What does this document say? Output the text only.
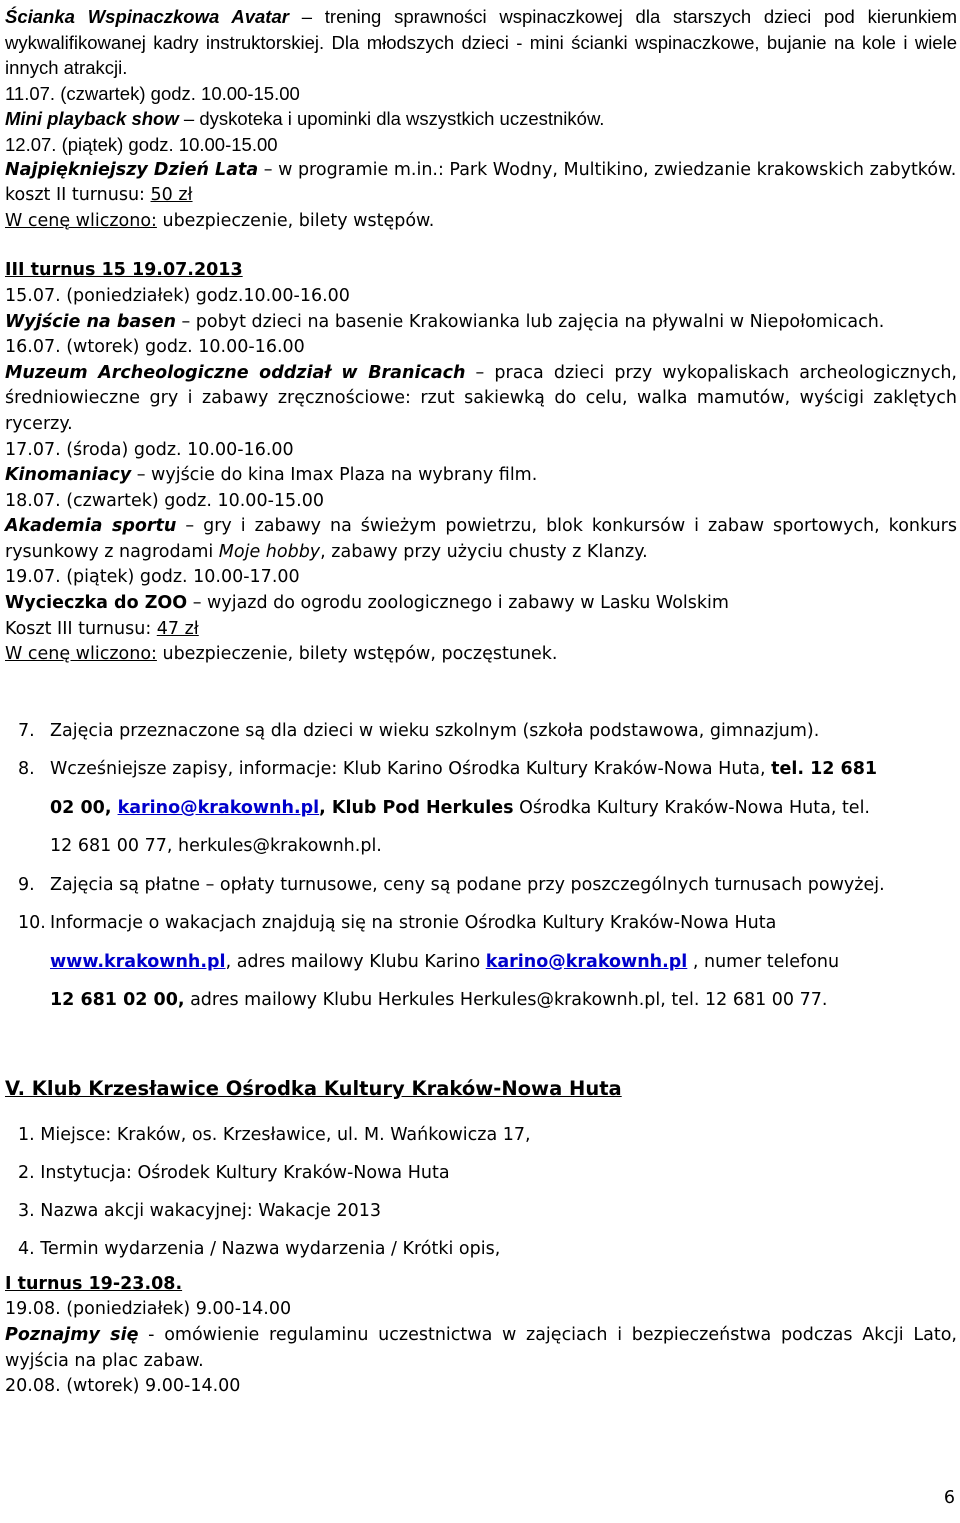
Ścianka Wspinaczkowa Avatar – trening sprawności wspinaczkowej dla starszych dzieci pod kierunkiem wykwalifikowanej kadry instruktorskiej. Dla młodszych dzieci - mini ścianki wspinaczkowe, bujanie na kole i wiele innych atrakcji.
11.07. (czwartek) godz. 10.00-15.00
Mini playback show – dyskoteka i upominki dla wszystkich uczestników.
12.07. (piątek) godz. 10.00-15.00
Najpiękniejszy Dzień Lata – w programie m.in.: Park Wodny, Multikino, zwiedzanie krakowskich zabytków.
koszt II turnusu: 50 zł
W cenę wliczono: ubezpieczenie, bilety wstępów.
III turnus 15 19.07.2013
15.07. (poniedziałek) godz.10.00-16.00
Wyjście na basen – pobyt dzieci na basenie Krakowianka lub zajęcia na pływalni w Niepołomicach.
16.07. (wtorek) godz. 10.00-16.00
Muzeum Archeologiczne oddział w Branicach – praca dzieci przy wykopaliskach archeologicznych, średniowieczne gry i zabawy zręcznościowe: rzut sakiewką do celu, walka mamutów, wyścigi zaklętych rycerzy.
17.07. (środa) godz. 10.00-16.00
Kinomaniacy – wyjście do kina Imax Plaza na wybrany film.
18.07. (czwartek) godz. 10.00-15.00
Akademia sportu – gry i zabawy na świeżym powietrzu, blok konkursów i zabaw sportowych, konkurs rysunkowy z nagrodami Moje hobby, zabawy przy użyciu chusty z Klanzy.
19.07. (piątek) godz. 10.00-17.00
Wycieczka do ZOO – wyjazd do ogrodu zoologicznego i zabawy w Lasku Wolskim
Koszt III turnusu: 47 zł
W cenę wliczono: ubezpieczenie, bilety wstępów, poczęstunek.
7. Zajęcia przeznaczone są dla dzieci w wieku szkolnym (szkoła podstawowa, gimnazjum).
8. Wcześniejsze zapisy, informacje: Klub Karino Ośrodka Kultury Kraków-Nowa Huta, tel. 12 681
02 00, karino@krakownh.pl, Klub Pod Herkules Ośrodka Kultury Kraków-Nowa Huta, tel.
12 681 00 77, herkules@krakownh.pl.
9. Zajęcia są płatne – opłaty turnusowe, ceny są podane przy poszczególnych turnusach powyżej.
10. Informacje o wakacjach znajdują się na stronie Ośrodka Kultury Kraków-Nowa Huta
www.krakownh.pl, adres mailowy Klubu Karino karino@krakownh.pl , numer telefonu
12 681 02 00, adres mailowy Klubu Herkules Herkules@krakownh.pl, tel. 12 681 00 77.
V. Klub Krzesławice Ośrodka Kultury Kraków-Nowa Huta
1. Miejsce: Kraków, os. Krzesławice, ul. M. Wańkowicza 17,
2. Instytucja: Ośrodek Kultury Kraków-Nowa Huta
3. Nazwa akcji wakacyjnej: Wakacje 2013
4. Termin wydarzenia / Nazwa wydarzenia / Krótki opis,
I turnus 19-23.08.
19.08. (poniedziałek) 9.00-14.00
Poznajmy się - omówienie regulaminu uczestnictwa w zajęciach i bezpieczeństwa podczas Akcji Lato, wyjścia na plac zabaw.
20.08. (wtorek) 9.00-14.00
6
